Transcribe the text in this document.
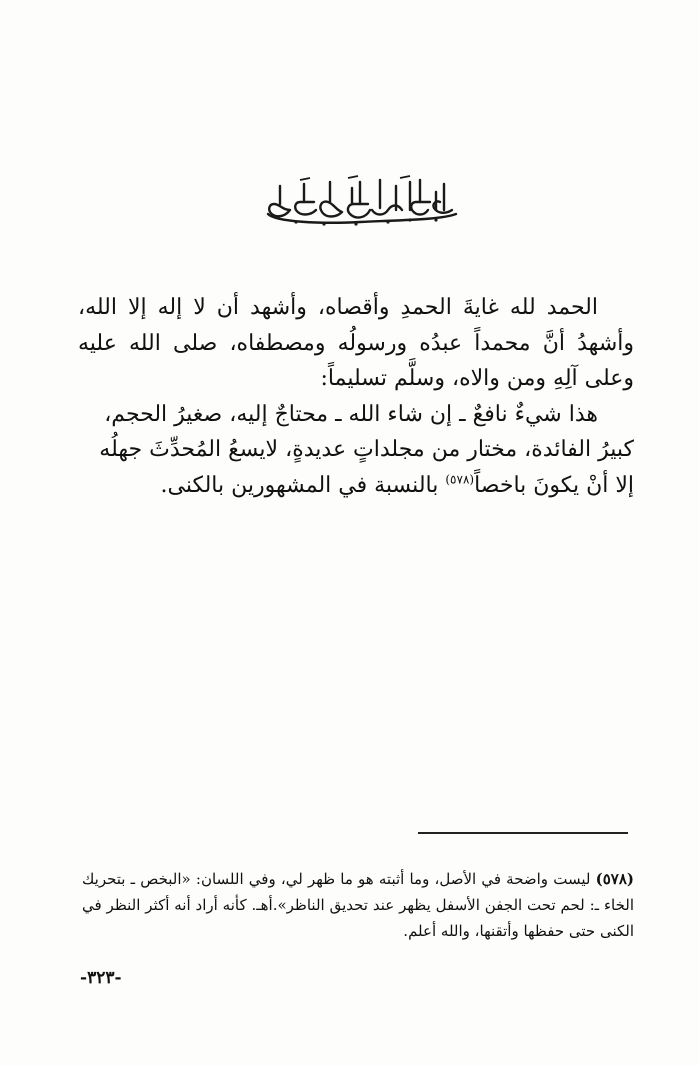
الحمد لله غايةَ الحمدِ وأقصاه، وأشهد أن لا إله إلا الله، وأشهدُ أنَّ محمداً عبدُه ورسولُه ومصطفاه، صلى الله عليه وعلى آلِهِ ومن والاه، وسلَّم تسليماً:

هذا شيءٌ نافعٌ ـ إن شاء الله ـ محتاجٌ إليه، صغيرُ الحجم، كبيرُ الفائدة، مختار من مجلداتٍ عديدةٍ، لايسعُ المُحدِّثَ جهلُه إلا أنْ يكونَ باخصاً$^{(٥٧٨)}$ بالنسبة في المشهورين بالكنى.

(٥٧٨) ليست واضحة في الأصل، وما أثبته هو ما ظهر لي، وفي اللسان: «البخص ـ بتحريك الخاء ـ: لحم تحت الجفن الأسفل يظهر عند تحديق الناظر».أهـ. كأنه أراد أنه أكثر النظر في الكنى حتى حفظها وأتقنها، والله أعلم.
-٣٢٣-
